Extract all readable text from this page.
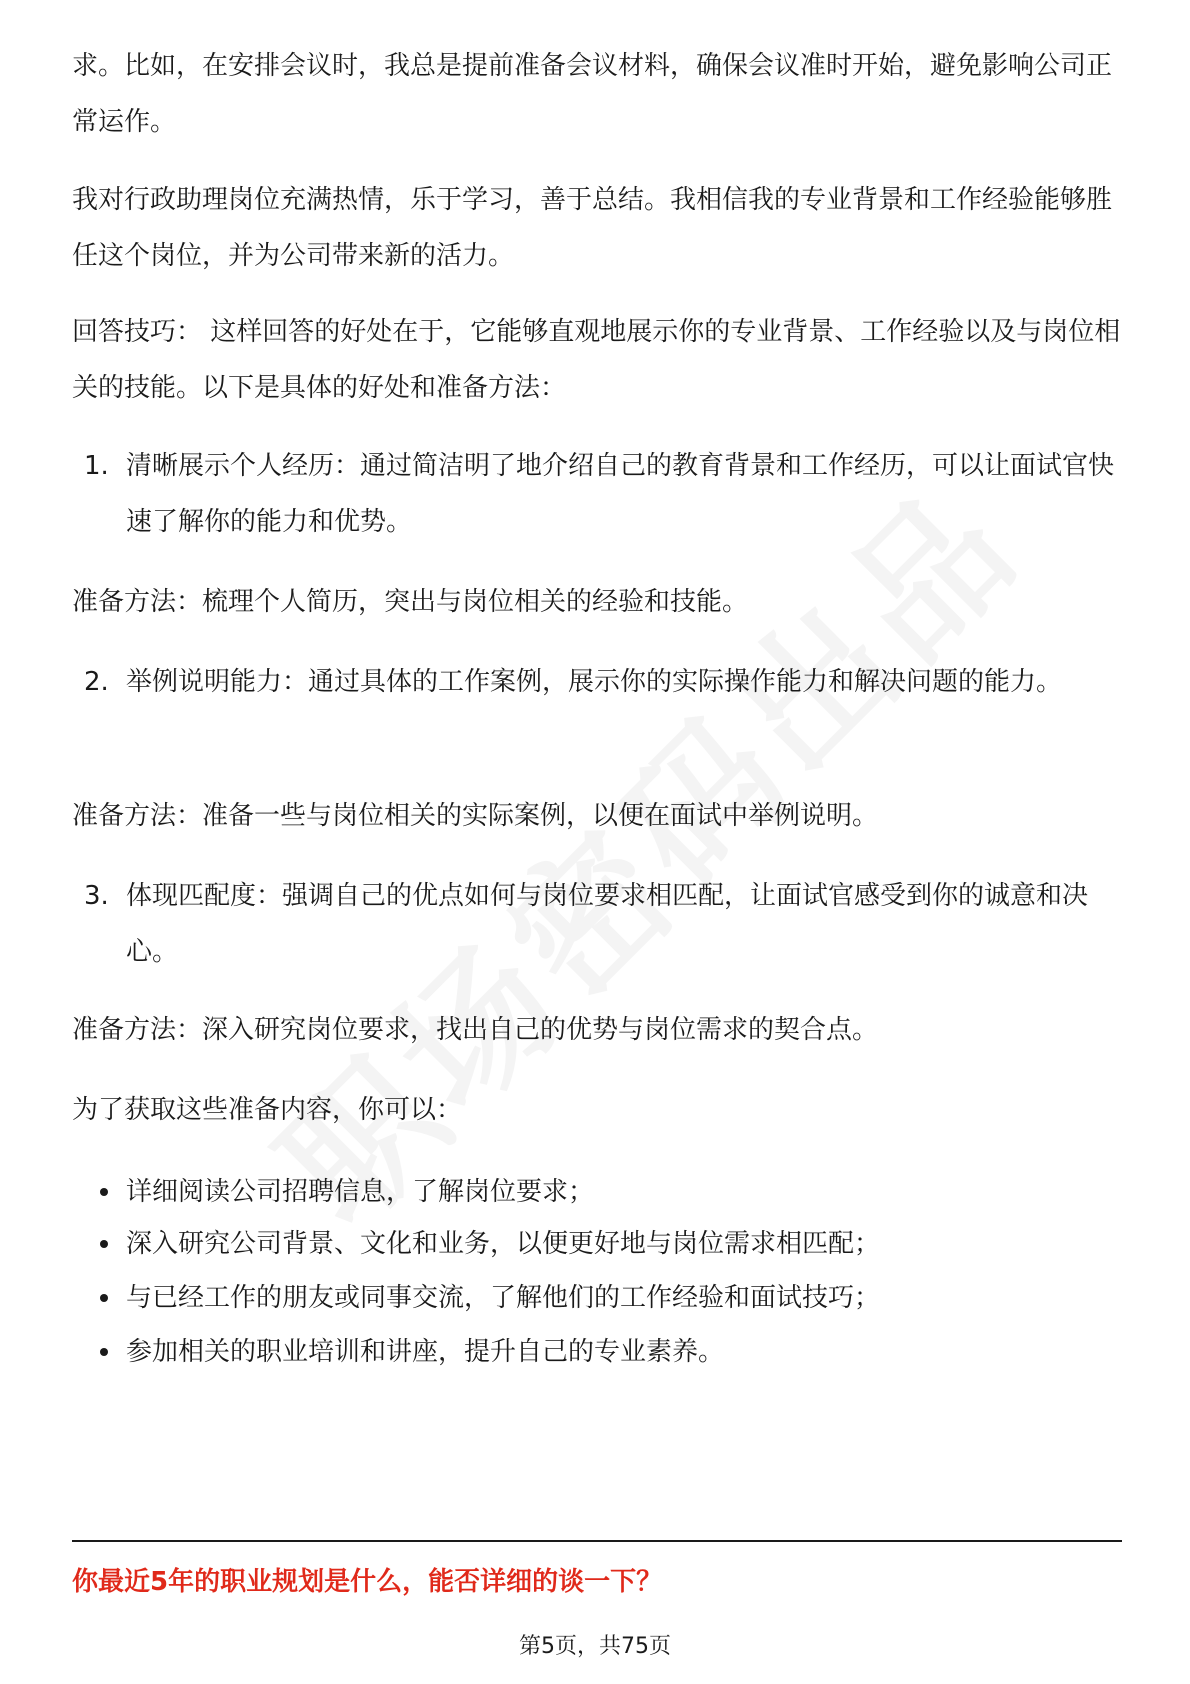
求。比如，在安排会议时，我总是提前准备会议材料，确保会议准时开始，避免影响公司正常运作。

我对行政助理岗位充满热情，乐于学习，善于总结。我相信我的专业背景和工作经验能够胜任这个岗位，并为公司带来新的活力。

回答技巧： 这样回答的好处在于，它能够直观地展示你的专业背景、工作经验以及与岗位相关的技能。以下是具体的好处和准备方法：

1. 清晰展示个人经历：通过简洁明了地介绍自己的教育背景和工作经历，可以让面试官快速了解你的能力和优势。

准备方法：梳理个人简历，突出与岗位相关的经验和技能。

2. 举例说明能力：通过具体的工作案例，展示你的实际操作能力和解决问题的能力。

准备方法：准备一些与岗位相关的实际案例，以便在面试中举例说明。

3. 体现匹配度：强调自己的优点如何与岗位要求相匹配，让面试官感受到你的诚意和决心。

准备方法：深入研究岗位要求，找出自己的优势与岗位需求的契合点。

为了获取这些准备内容，你可以：

详细阅读公司招聘信息，了解岗位要求；
深入研究公司背景、文化和业务，以便更好地与岗位需求相匹配；
与已经工作的朋友或同事交流，了解他们的工作经验和面试技巧；
参加相关的职业培训和讲座，提升自己的专业素养。
你最近5年的职业规划是什么，能否详细的谈一下？
第5页，共75页
